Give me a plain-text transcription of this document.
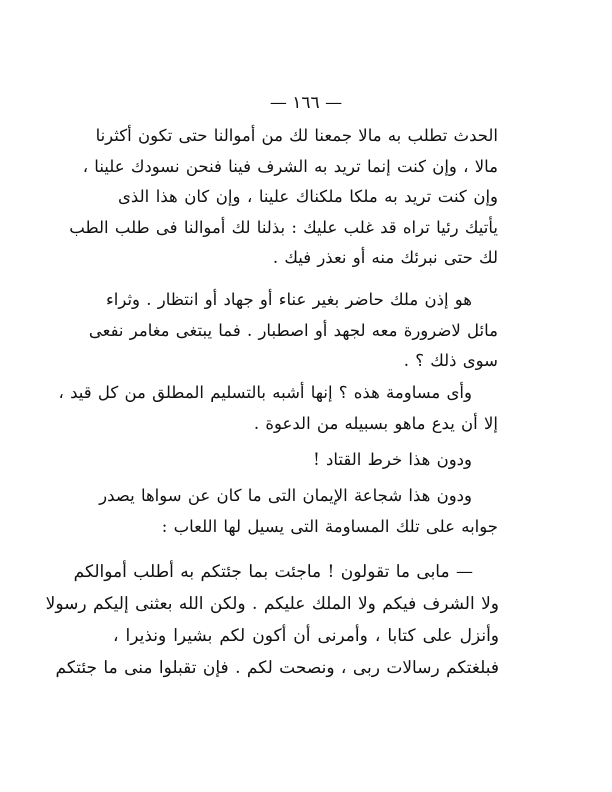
— ١٦٦ —
الحدث تطلب به مالا جمعنا لك من أموالنا حتى تكون أكثرنا
مالا ، وإن كنت إنما تريد به الشرف فينا فنحن نسودك علينا ،
وإن كنت تريد به ملكا ملكناك علينا ، وإن كان هذا الذى
يأتيك رئيا تراه قد غلب عليك : بذلنا لك أموالنا فى طلب الطب
لك حتى نبرئك منه أو نعذر فيك .
هو إذن ملك حاضر بغير عناء أو جهاد أو انتظار . وثراء
مائل لاضرورة معه لجهد أو اصطبار . فما يبتغى مغامر نفعى
سوى ذلك ؟ .
وأى مساومة هذه ؟ إنها أشبه بالتسليم المطلق من كل قيد ،
إلا أن يدع ماهو بسبيله من الدعوة .
ودون هذا خرط القتاد !
ودون هذا شجاعة الإيمان التى ما كان عن سواها يصدر
جوابه على تلك المساومة التى يسيل لها اللعاب :
— مابى ما تقولون ! ماجئت بما جئتكم به أطلب أموالكم
ولا الشرف فيكم ولا الملك عليكم . ولكن الله بعثنى إليكم رسولا
وأنزل على كتابا ، وأمرنى أن أكون لكم بشيرا ونذيرا ،
فبلغتكم رسالات ربى ، ونصحت لكم . فإن تقبلوا منى ما جئتكم
